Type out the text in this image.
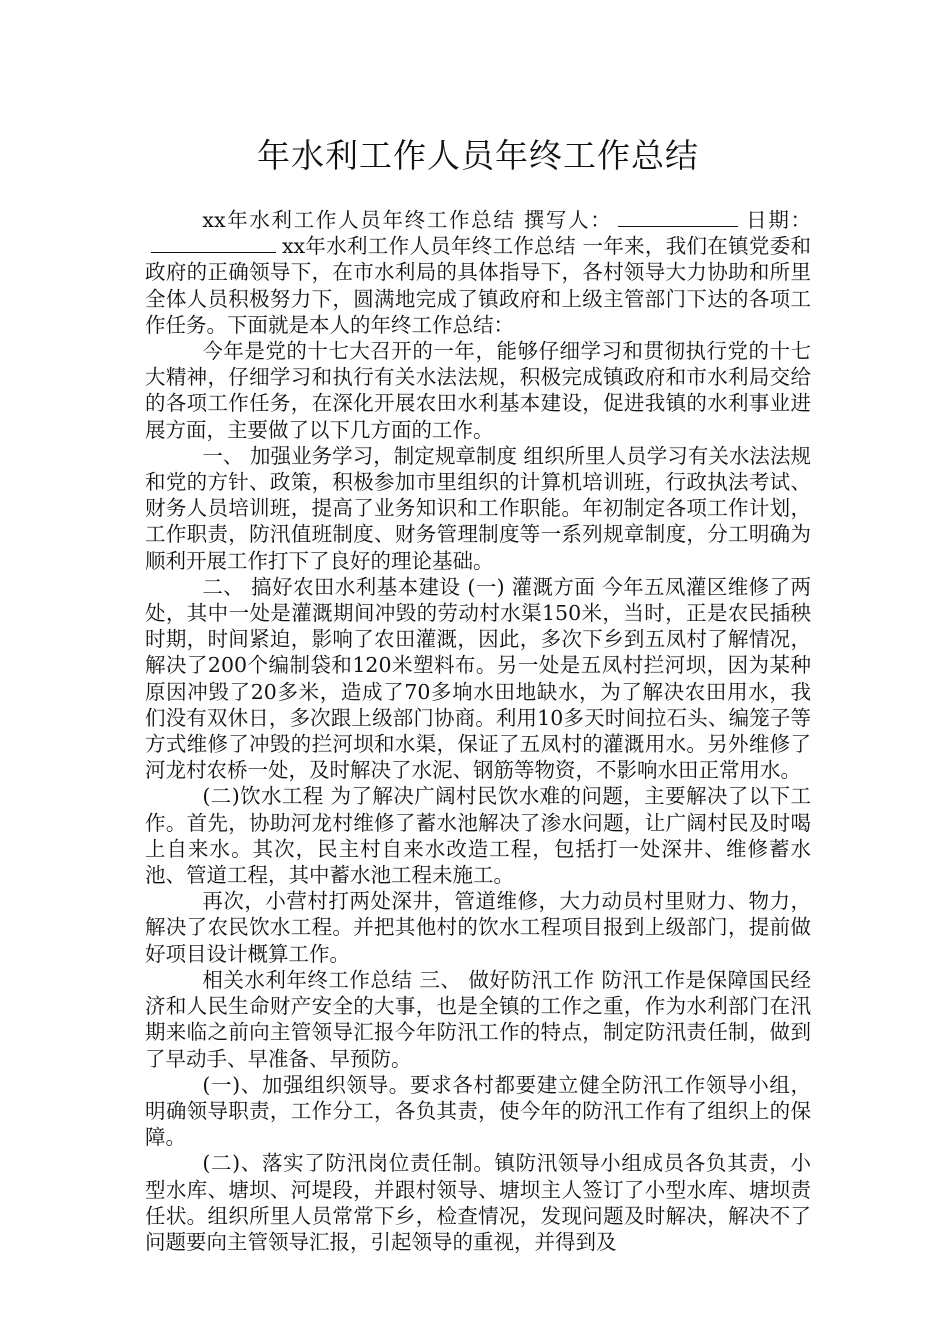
年水利工作人员年终工作总结

xx年水利工作人员年终工作总结 撰写人：	日期：xx年水利工作人员年终工作总结 一年来，我们在镇党委和政府的正确领导下，在市水利局的具体指导下，各村领导大力协助和所里全体人员积极努力下，圆满地完成了镇政府和上级主管部门下达的各项工作任务。下面就是本人的年终工作总结：

今年是党的十七大召开的一年，能够仔细学习和贯彻执行党的十七大精神，仔细学习和执行有关水法法规，积极完成镇政府和市水利局交给的各项工作任务，在深化开展农田水利基本建设，促进我镇的水利事业进展方面，主要做了以下几方面的工作。

一、 加强业务学习，制定规章制度 组织所里人员学习有关水法法规和党的方针、政策，积极参加市里组织的计算机培训班，行政执法考试、财务人员培训班，提高了业务知识和工作职能。年初制定各项工作计划，工作职责，防汛值班制度、财务管理制度等一系列规章制度，分工明确为顺利开展工作打下了良好的理论基础。

二、 搞好农田水利基本建设 (一) 灌溉方面 今年五凤灌区维修了两处，其中一处是灌溉期间冲毁的劳动村水渠150米，当时，正是农民插秧时期，时间紧迫，影响了农田灌溉，因此，多次下乡到五凤村了解情况，解决了200个编制袋和120米塑料布。另一处是五凤村拦河坝，因为某种原因冲毁了20多米，造成了70多垧水田地缺水，为了解决农田用水，我们没有双休日，多次跟上级部门协商。利用10多天时间拉石头、编笼子等方式维修了冲毁的拦河坝和水渠，保证了五凤村的灌溉用水。另外维修了河龙村农桥一处，及时解决了水泥、钢筋等物资，不影响水田正常用水。

(二)饮水工程 为了解决广阔村民饮水难的问题，主要解决了以下工作。首先，协助河龙村维修了蓄水池解决了渗水问题，让广阔村民及时喝上自来水。其次，民主村自来水改造工程，包括打一处深井、维修蓄水池、管道工程，其中蓄水池工程未施工。

再次，小营村打两处深井，管道维修，大力动员村里财力、物力，解决了农民饮水工程。并把其他村的饮水工程项目报到上级部门，提前做好项目设计概算工作。

相关水利年终工作总结 三、 做好防汛工作 防汛工作是保障国民经济和人民生命财产安全的大事，也是全镇的工作之重，作为水利部门在汛期来临之前向主管领导汇报今年防汛工作的特点，制定防汛责任制，做到了早动手、早准备、早预防。

(一)、加强组织领导。要求各村都要建立健全防汛工作领导小组，明确领导职责，工作分工，各负其责，使今年的防汛工作有了组织上的保障。

(二)、落实了防汛岗位责任制。镇防汛领导小组成员各负其责，小型水库、塘坝、河堤段，并跟村领导、塘坝主人签订了小型水库、塘坝责任状。组织所里人员常常下乡，检查情况，发现问题及时解决，解决不了问题要向主管领导汇报，引起领导的重视，并得到及
